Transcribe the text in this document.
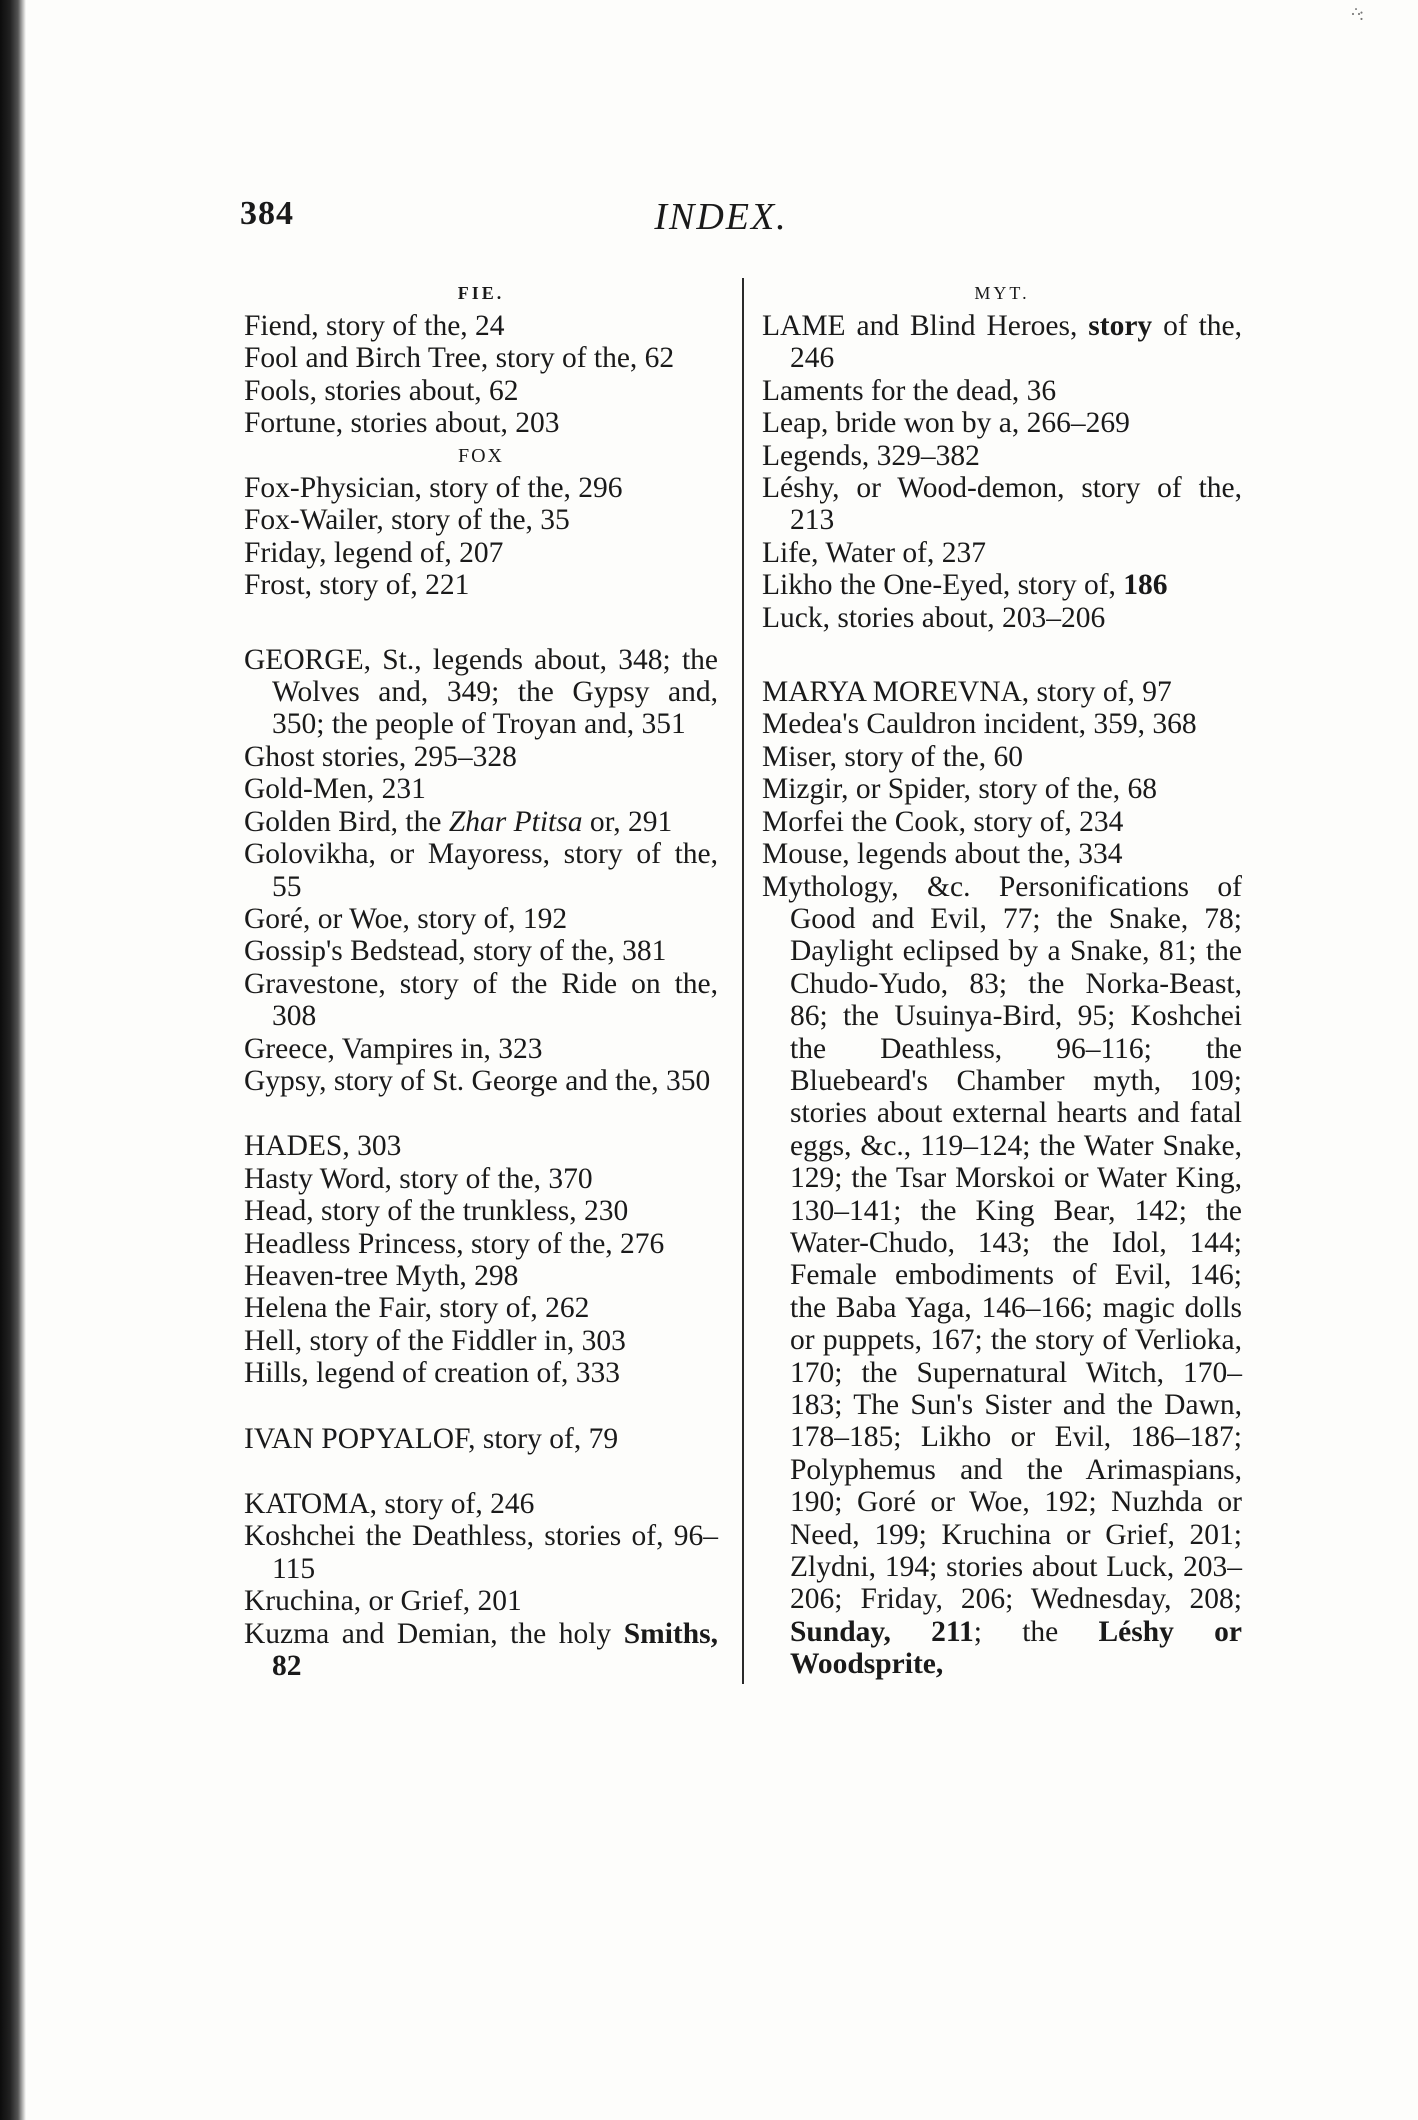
·˙·:
384	INDEX.
FIE.

Fiend, story of the, 24

Fool and Birch Tree, story of the, 62

Fools, stories about, 62

Fortune, stories about, 203

FOX

Fox-Physician, story of the, 296

Fox-Wailer, story of the, 35

Friday, legend of, 207

Frost, story of, 221

GEORGE, St., legends about, 348; the Wolves and, 349; the Gypsy and, 350; the people of Troyan and, 351

Ghost stories, 295–328

Gold-Men, 231

Golden Bird, the Zhar Ptitsa or, 291

Golovikha, or Mayoress, story of the, 55

Goré, or Woe, story of, 192

Gossip's Bedstead, story of the, 381

Gravestone, story of the Ride on the, 308

Greece, Vampires in, 323

Gypsy, story of St. George and the, 350

HADES, 303

Hasty Word, story of the, 370

Head, story of the trunkless, 230

Headless Princess, story of the, 276

Heaven-tree Myth, 298

Helena the Fair, story of, 262

Hell, story of the Fiddler in, 303

Hills, legend of creation of, 333

IVAN POPYALOF, story of, 79

KATOMA, story of, 246

Koshchei the Deathless, stories of, 96–115

Kruchina, or Grief, 201

Kuzma and Demian, the holy Smiths, 82

MYT.

LAME and Blind Heroes, story of the, 246

Laments for the dead, 36

Leap, bride won by a, 266–269

Legends, 329–382

Léshy, or Wood-demon, story of the, 213

Life, Water of, 237

Likho the One-Eyed, story of, 186

Luck, stories about, 203–206

MARYA MOREVNA, story of, 97

Medea's Cauldron incident, 359, 368

Miser, story of the, 60

Mizgir, or Spider, story of the, 68

Morfei the Cook, story of, 234

Mouse, legends about the, 334

Mythology, &c. Personifications of Good and Evil, 77; the Snake, 78; Daylight eclipsed by a Snake, 81; the Chudo-Yudo, 83; the Norka-Beast, 86; the Usuinya-Bird, 95; Koshchei the Deathless, 96–116; the Bluebeard's Chamber myth, 109; stories about external hearts and fatal eggs, &c., 119–124; the Water Snake, 129; the Tsar Morskoi or Water King, 130–141; the King Bear, 142; the Water-Chudo, 143; the Idol, 144; Female embodiments of Evil, 146; the Baba Yaga, 146–166; magic dolls or puppets, 167; the story of Verlioka, 170; the Supernatural Witch, 170–183; The Sun's Sister and the Dawn, 178–185; Likho or Evil, 186–187; Polyphemus and the Arimaspians, 190; Goré or Woe, 192; Nuzhda or Need, 199; Kruchina or Grief, 201; Zlydni, 194; stories about Luck, 203–206; Friday, 206; Wednesday, 208; Sunday, 211; the Léshy or Woodsprite,
